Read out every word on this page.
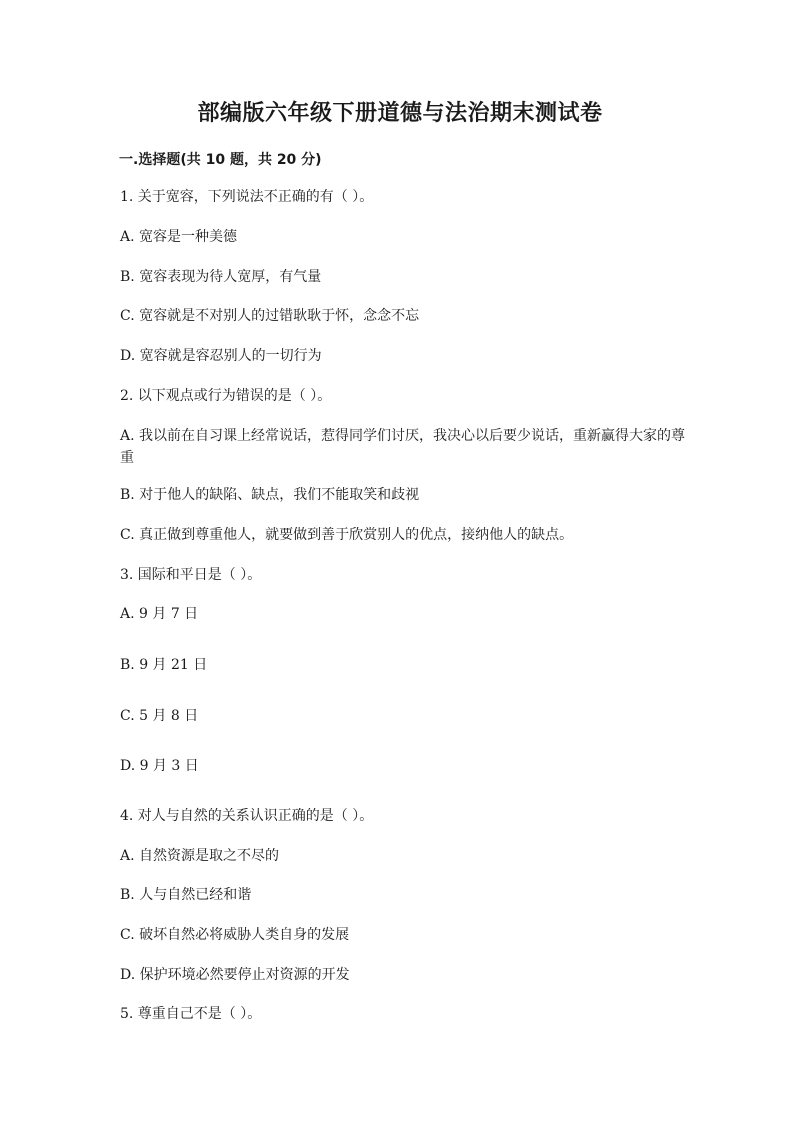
部编版六年级下册道德与法治期末测试卷
一.选择题(共 10 题，共 20 分)
1. 关于宽容，下列说法不正确的有（ ）。
A. 宽容是一种美德
B. 宽容表现为待人宽厚，有气量
C. 宽容就是不对别人的过错耿耿于怀，念念不忘
D. 宽容就是容忍别人的一切行为
2. 以下观点或行为错误的是（ ）。
A. 我以前在自习课上经常说话，惹得同学们讨厌，我决心以后要少说话，重新赢得大家的尊重
B. 对于他人的缺陷、缺点，我们不能取笑和歧视
C. 真正做到尊重他人，就要做到善于欣赏别人的优点，接纳他人的缺点。
3. 国际和平日是（ ）。
A. 9 月 7 日
B. 9 月 21 日
C. 5 月 8 日
D. 9 月 3 日
4. 对人与自然的关系认识正确的是（ ）。
A. 自然资源是取之不尽的
B. 人与自然已经和谐
C. 破坏自然必将威胁人类自身的发展
D. 保护环境必然要停止对资源的开发
5. 尊重自己不是（ ）。
